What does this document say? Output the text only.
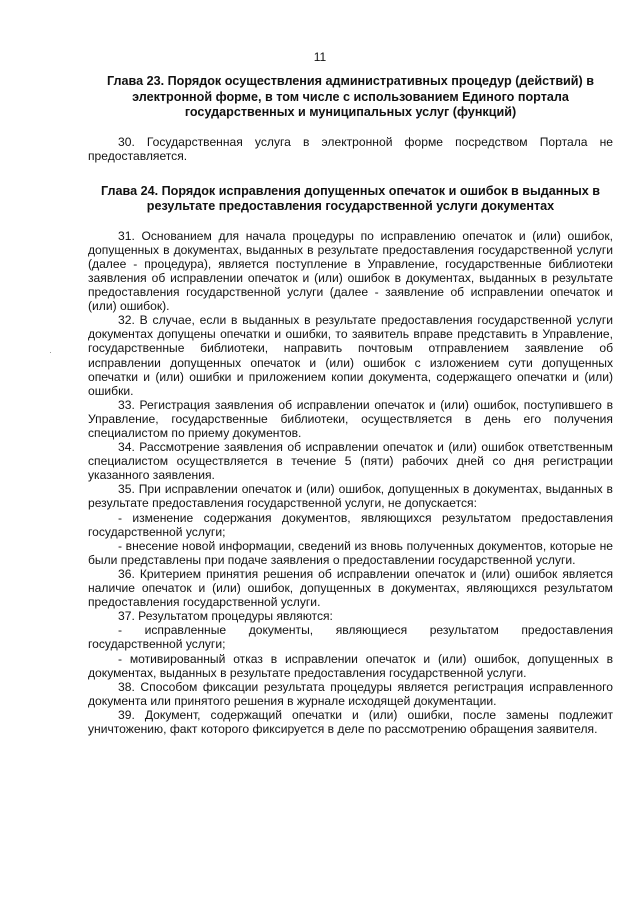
11

Глава 23. Порядок осуществления административных процедур (действий) в электронной форме, в том числе с использованием Единого портала государственных и муниципальных услуг (функций)

30. Государственная услуга в электронной форме посредством Портала не предоставляется.

Глава 24. Порядок исправления допущенных опечаток и ошибок в выданных в результате предоставления государственной услуги документах

31. Основанием для начала процедуры по исправлению опечаток и (или) ошибок, допущенных в документах, выданных в результате предоставления государственной услуги (далее - процедура), является поступление в Управление, государственные библиотеки заявления об исправлении опечаток и (или) ошибок в документах, выданных в результате предоставления государственной услуги (далее - заявление об исправлении опечаток и (или) ошибок).

32. В случае, если в выданных в результате предоставления государственной услуги документах допущены опечатки и ошибки, то заявитель вправе представить в Управление, государственные библиотеки, направить почтовым отправлением заявление об исправлении допущенных опечаток и (или) ошибок с изложением сути допущенных опечатки и (или) ошибки и приложением копии документа, содержащего опечатки и (или) ошибки.

33. Регистрация заявления об исправлении опечаток и (или) ошибок, поступившего в Управление, государственные библиотеки, осуществляется в день его получения специалистом по приему документов.

34. Рассмотрение заявления об исправлении опечаток и (или) ошибок ответственным специалистом осуществляется в течение 5 (пяти) рабочих дней со дня регистрации указанного заявления.

35. При исправлении опечаток и (или) ошибок, допущенных в документах, выданных в результате предоставления государственной услуги, не допускается:

- изменение содержания документов, являющихся результатом предоставления государственной услуги;

- внесение новой информации, сведений из вновь полученных документов, которые не были представлены при подаче заявления о предоставлении государственной услуги.

36. Критерием принятия решения об исправлении опечаток и (или) ошибок является наличие опечаток и (или) ошибок, допущенных в документах, являющихся результатом предоставления государственной услуги.

37. Результатом процедуры являются:

- исправленные документы, являющиеся результатом предоставления государственной услуги;

- мотивированный отказ в исправлении опечаток и (или) ошибок, допущенных в документах, выданных в результате предоставления государственной услуги.

38. Способом фиксации результата процедуры является регистрация исправленного документа или принятого решения в журнале исходящей документации.

39. Документ, содержащий опечатки и (или) ошибки, после замены подлежит уничтожению, факт которого фиксируется в деле по рассмотрению обращения заявителя.
